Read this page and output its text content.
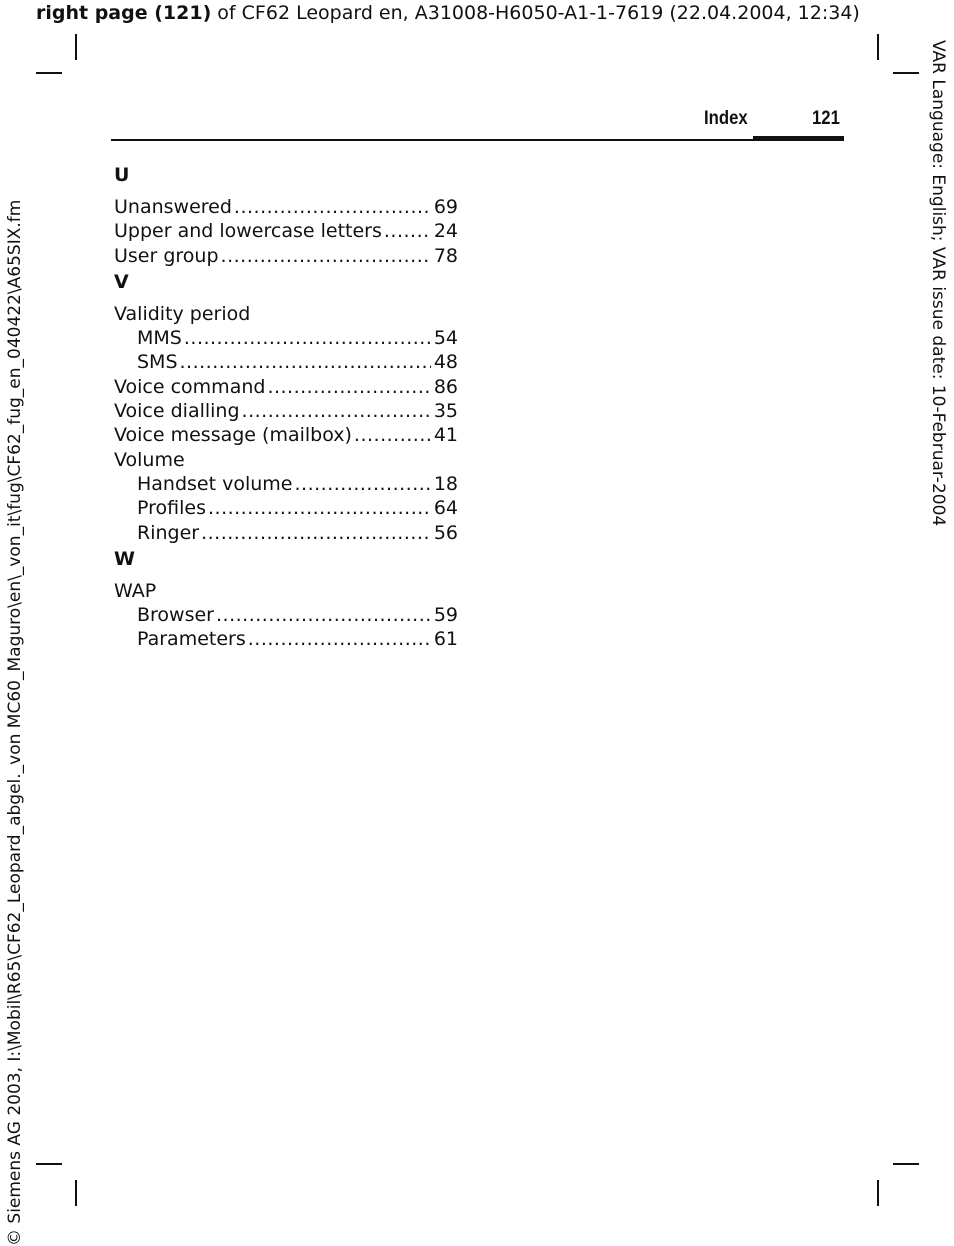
right page (121) of CF62 Leopard en, A31008-H6050-A1-1-7619 (22.04.2004, 12:34)
© Siemens AG 2003, I:\Mobil\R65\CF62_Leopard_abgel._von MC60_Maguro\en\_von_it\fug\CF62_fug_en_040422\A65SIX.fm	VAR Language: English; VAR issue date: 10-Februar-2004
Index	121
U
Unanswered .....	69
Upper and lowercase letters .....	24
User group .....	78
V
Validity period
MMS .....	54
SMS .....	48
Voice command .....	86
Voice dialling .....	35
Voice message (mailbox) .....	41
Volume
Handset volume .....	18
Profiles .....	64
Ringer .....	56
W
WAP
Browser .....	59
Parameters .....	61
